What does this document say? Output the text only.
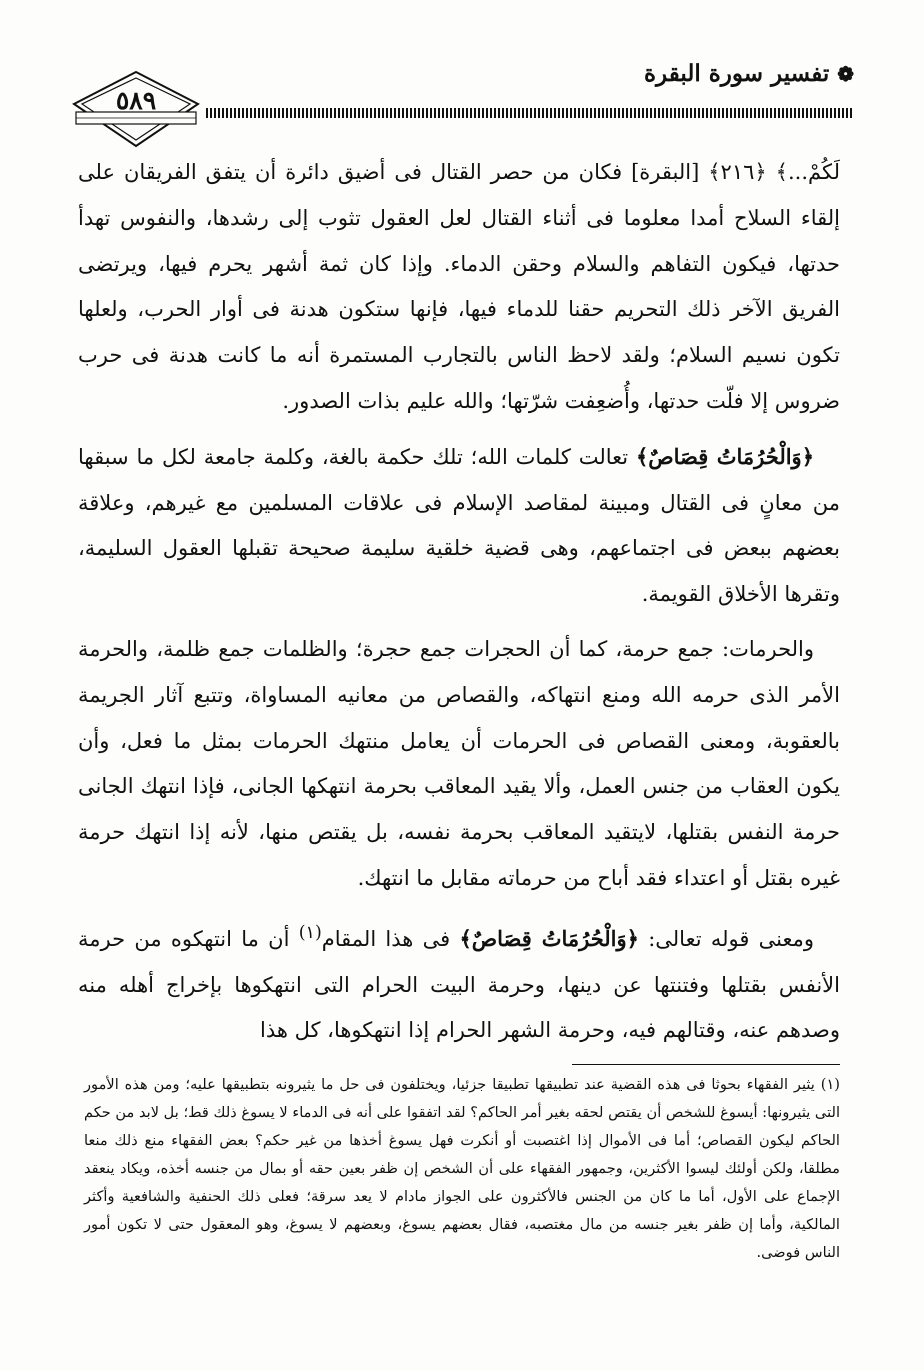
٥٨٩
❁تفسير سورة البقرة

لَكُمْ...﴾ ﴿٢١٦﴾ [البقرة] فكان من حصر القتال فى أضيق دائرة أن يتفق الفريقان على إلقاء السلاح أمدا معلوما فى أثناء القتال لعل العقول تثوب إلى رشدها، والنفوس تهدأ حدتها، فيكون التفاهم والسلام وحقن الدماء. وإذا كان ثمة أشهر يحرم فيها، ويرتضى الفريق الآخر ذلك التحريم حقنا للدماء فيها، فإنها ستكون هدنة فى أوار الحرب، ولعلها تكون نسيم السلام؛ ولقد لاحظ الناس بالتجارب المستمرة أنه ما كانت هدنة فى حرب ضروس إلا فلّت حدتها، وأُضعِفت شرّتها؛ والله عليم بذات الصدور.

﴿وَالْحُرُمَاتُ قِصَاصٌ﴾ تعالت كلمات الله؛ تلك حكمة بالغة، وكلمة جامعة لكل ما سبقها من معانٍ فى القتال ومبينة لمقاصد الإسلام فى علاقات المسلمين مع غيرهم، وعلاقة بعضهم ببعض فى اجتماعهم، وهى قضية خلقية سليمة صحيحة تقبلها العقول السليمة، وتقرها الأخلاق القويمة.

والحرمات: جمع حرمة، كما أن الحجرات جمع حجرة؛ والظلمات جمع ظلمة، والحرمة الأمر الذى حرمه الله ومنع انتهاكه، والقصاص من معانيه المساواة، وتتبع آثار الجريمة بالعقوبة، ومعنى القصاص فى الحرمات أن يعامل منتهك الحرمات بمثل ما فعل، وأن يكون العقاب من جنس العمل، وألا يقيد المعاقب بحرمة انتهكها الجانى، فإذا انتهك الجانى حرمة النفس بقتلها، لايتقيد المعاقب بحرمة نفسه، بل يقتص منها، لأنه إذا انتهك حرمة غيره بقتل أو اعتداء فقد أباح من حرماته مقابل ما انتهك.

ومعنى قوله تعالى: ﴿وَالْحُرُمَاتُ قِصَاصٌ﴾ فى هذا المقام$^{(١)}$ أن ما انتهكوه من حرمة الأنفس بقتلها وفتنتها عن دينها، وحرمة البيت الحرام التى انتهكوها بإخراج أهله منه وصدهم عنه، وقتالهم فيه، وحرمة الشهر الحرام إذا انتهكوها، كل هذا

(١) يثير الفقهاء بحوثا فى هذه القضية عند تطبيقها تطبيقا جزئيا، ويختلفون فى حل ما يثيرونه بتطبيقها عليه؛ ومن هذه الأمور التى يثيرونها: أيسوغ للشخص أن يقتص لحقه بغير أمر الحاكم؟ لقد اتفقوا على أنه فى الدماء لا يسوغ ذلك قط؛ بل لابد من حكم الحاكم ليكون القصاص؛ أما فى الأموال إذا اغتصبت أو أنكرت فهل يسوغ أخذها من غير حكم؟ بعض الفقهاء منع ذلك منعا مطلقا، ولكن أولئك ليسوا الأكثرين، وجمهور الفقهاء على أن الشخص إن ظفر بعين حقه أو بمال من جنسه أخذه، ويكاد ينعقد الإجماع على الأول، أما ما كان من الجنس فالأكثرون على الجواز مادام لا يعد سرقة؛ فعلى ذلك الحنفية والشافعية وأكثر المالكية، وأما إن ظفر بغير جنسه من مال مغتصبه، فقال بعضهم يسوغ، وبعضهم لا يسوغ، وهو المعقول حتى لا تكون أمور الناس فوضى.
